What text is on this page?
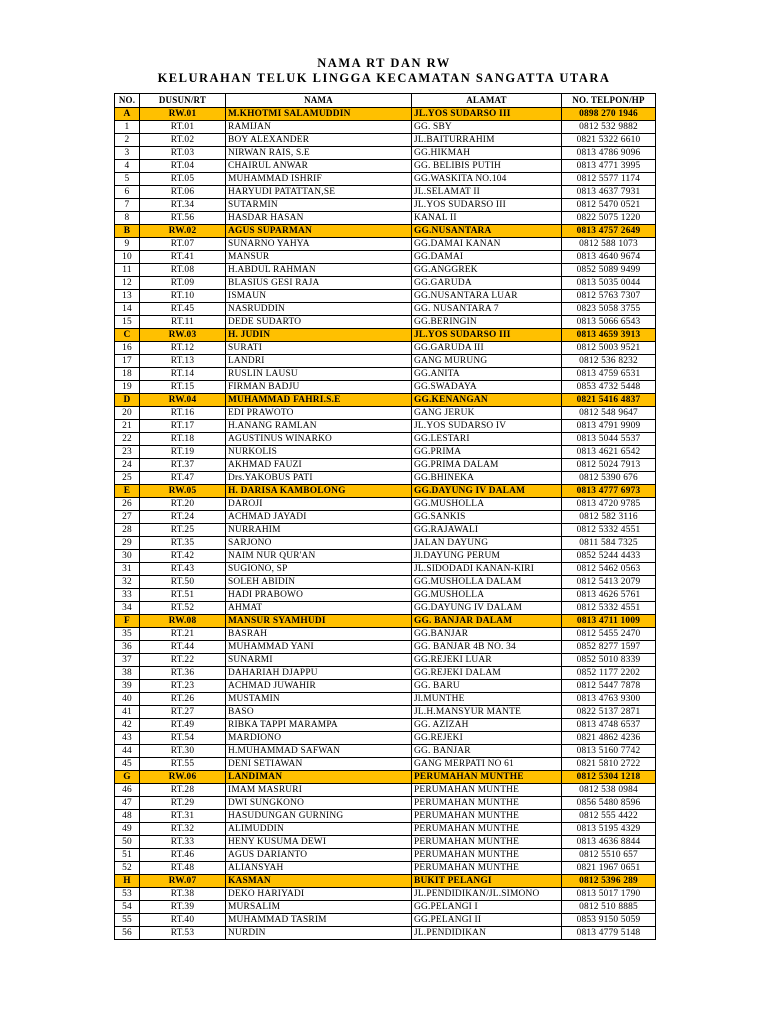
NAMA RT DAN RW
KELURAHAN TELUK LINGGA KECAMATAN SANGATTA UTARA
NO.	DUSUN/RT	NAMA	ALAMAT	NO. TELPON/HP
A	RW.01	M.KHOTMI SALAMUDDIN	JL.YOS SUDARSO III	0898 270 1946
1	RT.01	RAMIJAN	GG. SBY	0812 532 9882
2	RT.02	BOY ALEXANDER	JL.BAITURRAHIM	0821 5322 6610
3	RT.03	NIRWAN RAIS, S.E	GG.HIKMAH	0813 4786 9096
4	RT.04	CHAIRUL ANWAR	GG. BELIBIS PUTIH	0813 4771 3995
5	RT.05	MUHAMMAD ISHRIF	GG.WASKITA NO.104	0812 5577 1174
6	RT.06	HARYUDI PATATTAN,SE	JL.SELAMAT II	0813 4637 7931
7	RT.34	SUTARMIN	JL.YOS SUDARSO III	0812 5470 0521
8	RT.56	HASDAR HASAN	KANAL II	0822 5075 1220
B	RW.02	AGUS SUPARMAN	GG.NUSANTARA	0813 4757 2649
9	RT.07	SUNARNO YAHYA	GG.DAMAI KANAN	0812 588 1073
10	RT.41	MANSUR	GG.DAMAI	0813 4640 9674
11	RT.08	H.ABDUL RAHMAN	GG.ANGGREK	0852 5089 9499
12	RT.09	BLASIUS GESI RAJA	GG.GARUDA	0813 5035 0044
13	RT.10	ISMAUN	GG.NUSANTARA LUAR	0812 5763 7307
14	RT.45	NASRUDDIN	GG. NUSANTARA 7	0823 5058 3755
15	RT.11	DEDE SUDARTO	GG.BERINGIN	0813 5066 6543
C	RW.03	H. JUDIN	JL.YOS SUDARSO III	0813 4659 3913
16	RT.12	SURATI	GG.GARUDA III	0812 5003 9521
17	RT.13	LANDRI	GANG MURUNG	0812 536 8232
18	RT.14	RUSLIN LAUSU	GG.ANITA	0813 4759 6531
19	RT.15	FIRMAN BADJU	GG.SWADAYA	0853 4732 5448
D	RW.04	MUHAMMAD FAHRI.S.E	GG.KENANGAN	0821 5416 4837
20	RT.16	EDI PRAWOTO	GANG JERUK	0812 548 9647
21	RT.17	H.ANANG RAMLAN	JL.YOS SUDARSO IV	0813 4791 9909
22	RT.18	AGUSTINUS WINARKO	GG.LESTARI	0813 5044 5537
23	RT.19	NURKOLIS	GG.PRIMA	0813 4621 6542
24	RT.37	AKHMAD FAUZI	GG.PRIMA DALAM	0812 5024 7913
25	RT.47	Drs.YAKOBUS PATI	GG.BHINEKA	0812 5390 676
E	RW.05	H. DARISA KAMBOLONG	GG.DAYUNG IV DALAM	0813 4777 6973
26	RT.20	DAROJI	GG.MUSHOLLA	0813 4720 9785
27	RT.24	ACHMAD JAYADI	GG.SANKIS	0812 582 3116
28	RT.25	NURRAHIM	GG.RAJAWALI	0812 5332 4551
29	RT.35	SARJONO	JALAN DAYUNG	0811 584 7325
30	RT.42	NAIM NUR QUR'AN	Jl.DAYUNG PERUM	0852 5244 4433
31	RT.43	SUGIONO, SP	JL.SIDODADI KANAN-KIRI	0812 5462 0563
32	RT.50	SOLEH ABIDIN	GG.MUSHOLLA DALAM	0812 5413 2079
33	RT.51	HADI PRABOWO	GG.MUSHOLLA	0813 4626 5761
34	RT.52	AHMAT	GG.DAYUNG IV DALAM	0812 5332 4551
F	RW.08	MANSUR SYAMHUDI	GG. BANJAR DALAM	0813 4711 1009
35	RT.21	BASRAH	GG.BANJAR	0812 5455 2470
36	RT.44	MUHAMMAD YANI	GG. BANJAR 4B NO. 34	0852 8277 1597
37	RT.22	SUNARMI	GG.REJEKI LUAR	0852 5010 8339
38	RT.36	DAHARIAH DJAPPU	GG.REJEKI DALAM	0852 1177 2202
39	RT.23	ACHMAD JUWAHIR	GG. BARU	0812 5447 7878
40	RT.26	MUSTAMIN	Jl.MUNTHE	0813 4763 9300
41	RT.27	BASO	JL.H.MANSYUR MANTE	0822 5137 2871
42	RT.49	RIBKA TAPPI MARAMPA	GG. AZIZAH	0813 4748 6537
43	RT.54	MARDIONO	GG.REJEKI	0821 4862 4236
44	RT.30	H.MUHAMMAD SAFWAN	GG. BANJAR	0813 5160 7742
45	RT.55	DENI SETIAWAN	GANG MERPATI NO 61	0821 5810 2722
G	RW.06	LANDIMAN	PERUMAHAN MUNTHE	0812 5304 1218
46	RT.28	IMAM MASRURI	PERUMAHAN MUNTHE	0812 538 0984
47	RT.29	DWI SUNGKONO	PERUMAHAN MUNTHE	0856 5480 8596
48	RT.31	HASUDUNGAN GURNING	PERUMAHAN MUNTHE	0812 555 4422
49	RT.32	ALIMUDDIN	PERUMAHAN MUNTHE	0813 5195 4329
50	RT.33	HENY KUSUMA DEWI	PERUMAHAN MUNTHE	0813 4636 8844
51	RT.46	AGUS DARIANTO	PERUMAHAN MUNTHE	0812 5510 657
52	RT.48	ALIANSYAH	PERUMAHAN MUNTHE	0821 1967 0651
H	RW.07	KASMAN	BUKIT PELANGI	0812 5396 289
53	RT.38	DEKO HARIYADI	JL.PENDIDIKAN/JL.SIMONO	0813 5017 1790
54	RT.39	MURSALIM	GG.PELANGI I	0812 510 8885
55	RT.40	MUHAMMAD TASRIM	GG.PELANGI II	0853 9150 5059
56	RT.53	NURDIN	JL.PENDIDIKAN	0813 4779 5148
